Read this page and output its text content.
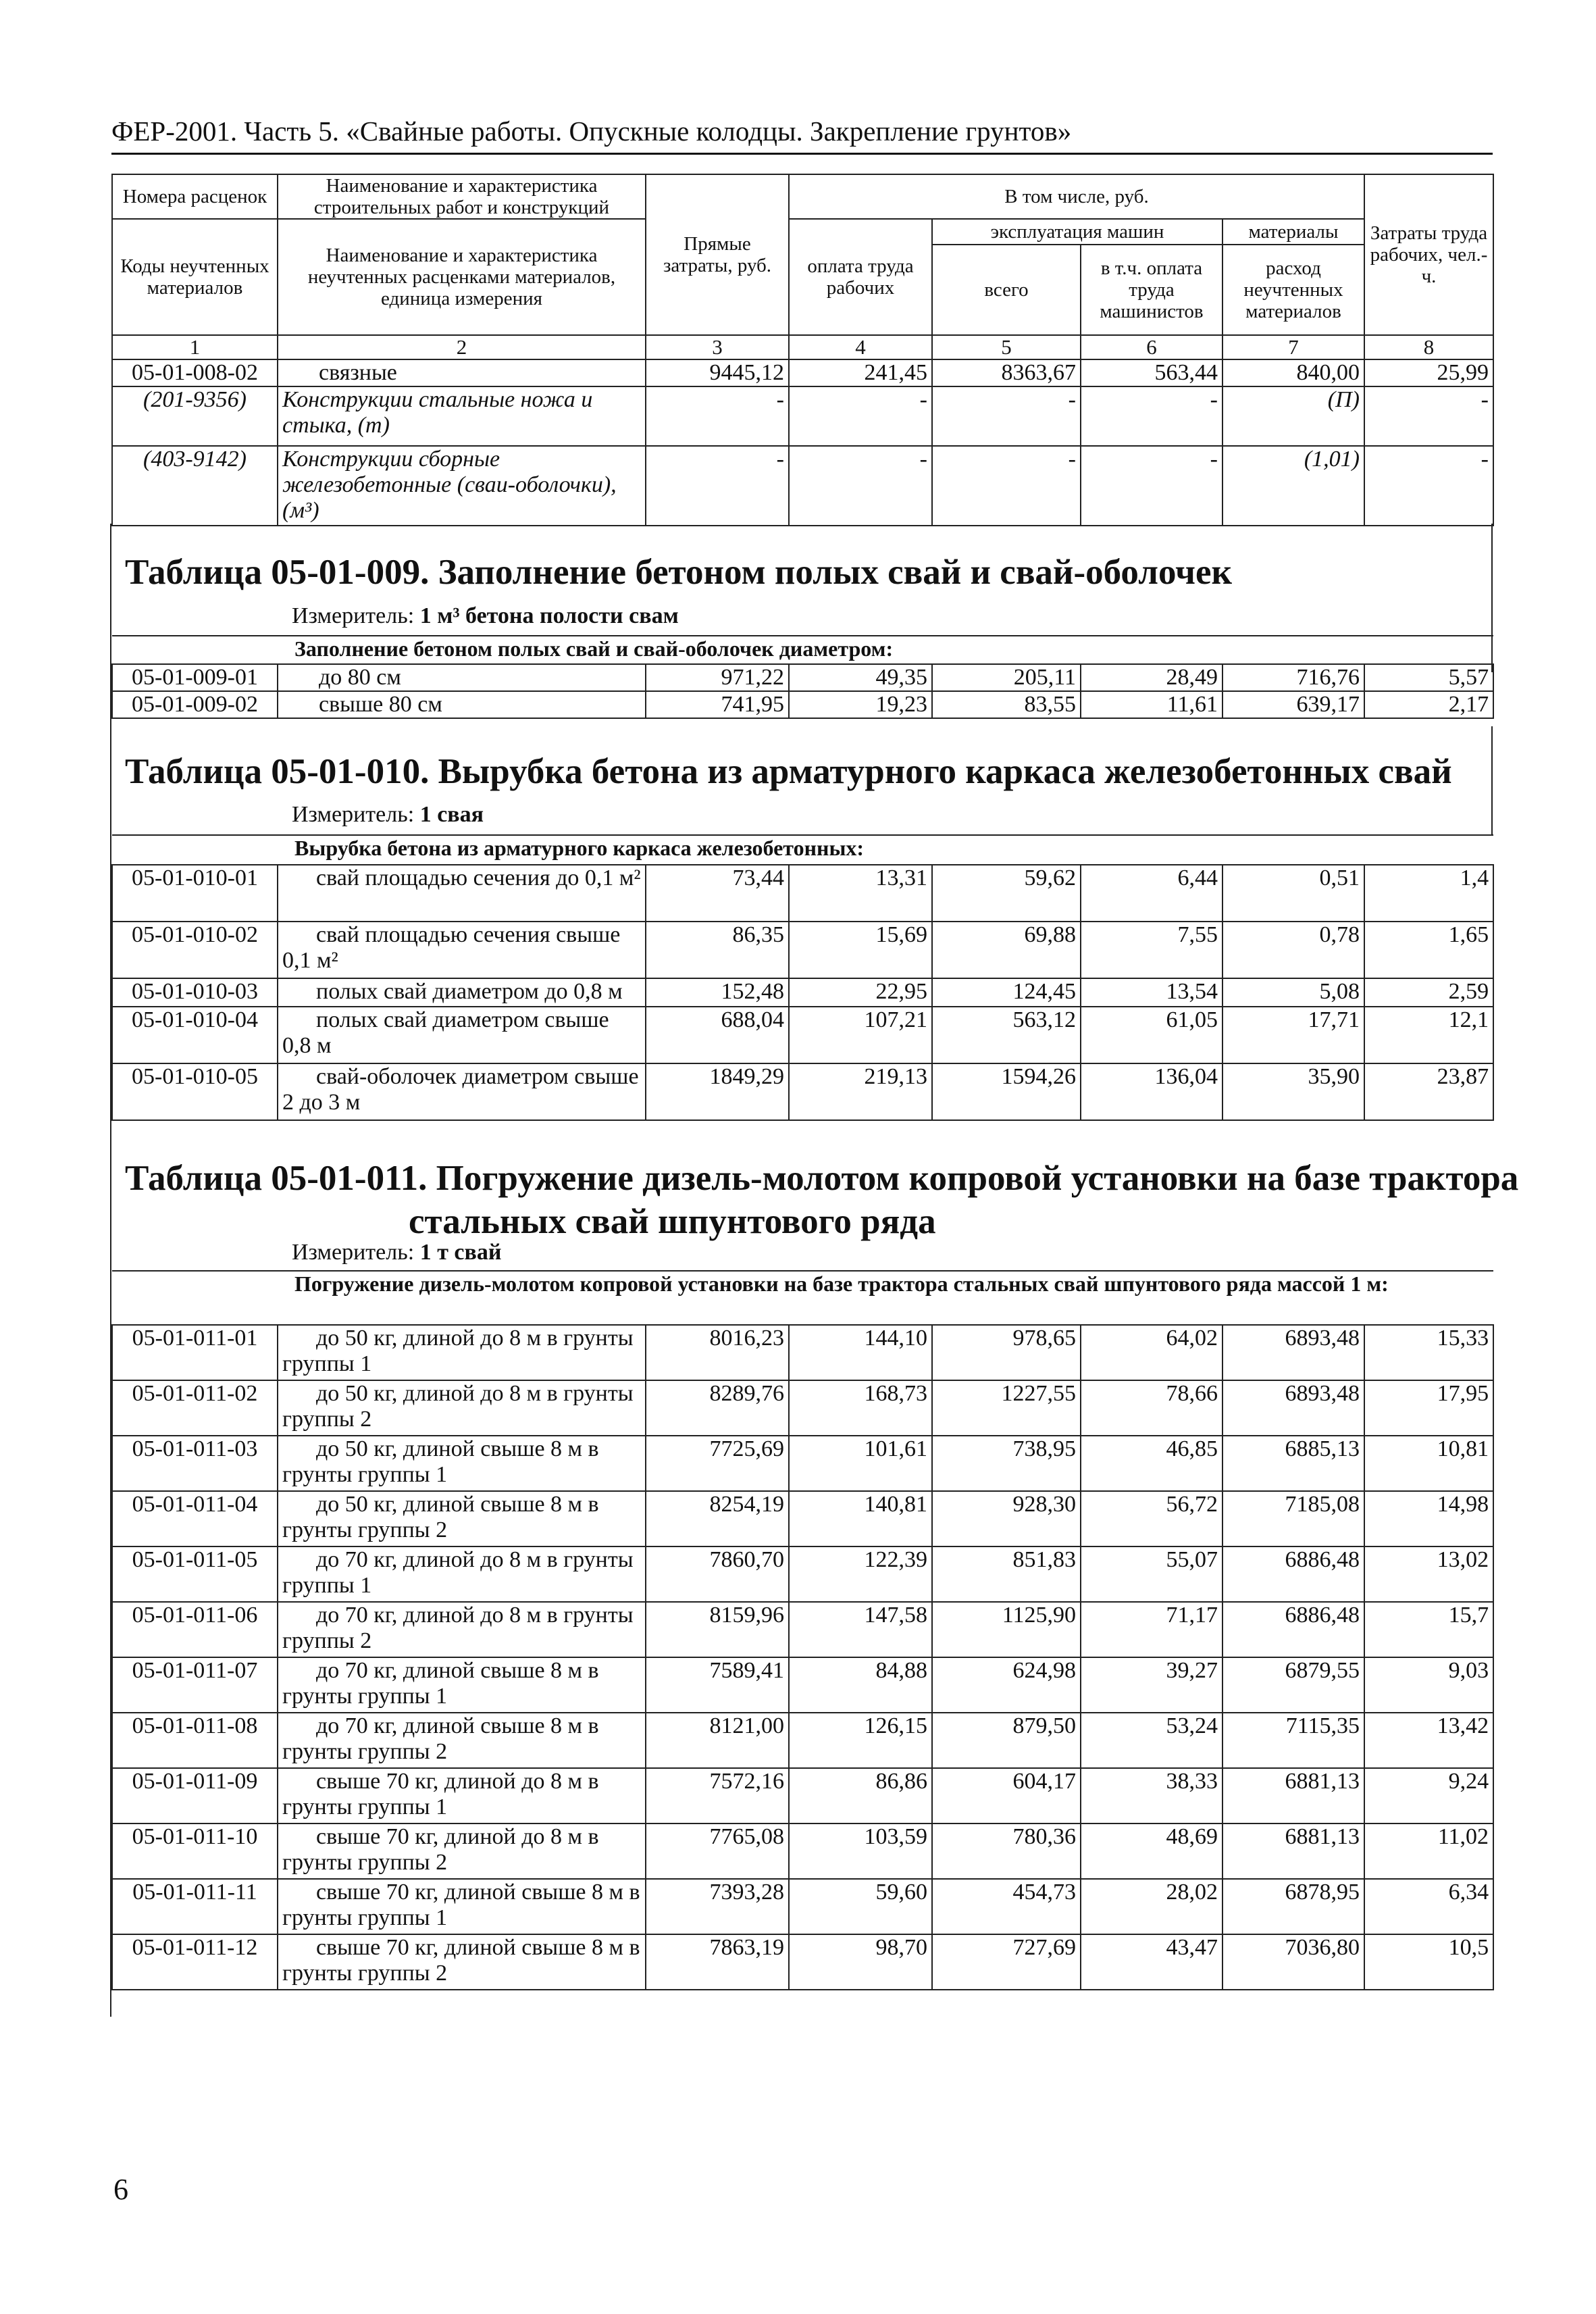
ФЕР-2001. Часть 5. «Свайные работы. Опускные колодцы. Закрепление грунтов»
Номера расценок	Наименование и характеристика строительных работ и конструкций	Прямые затраты, руб.	В том числе, руб.				Затраты труда рабочих, чел.-ч.
Коды неучтенных материалов	Наименование и характеристика неучтенных расценками материалов, единица измерения		оплата труда рабочих	эксплуатация машин		материалы	
				всего	в т.ч. оплата труда машинистов	расход неучтенных материалов	
1	2	3	4	5	6	7	8
05-01-008-02	связные	9445,12	241,45	8363,67	563,44	840,00	25,99
(201-9356)	Конструкции стальные ножа и стыка, (т)	-	-	-	-	(П)	-
(403-9142)	Конструкции сборные железобетонные (сваи-оболочки), (м³)	-	-	-	-	(1,01)	-
Таблица 05-01-009. Заполнение бетоном полых свай и свай-оболочек
Измеритель: 1 м³ бетона полости свам
Заполнение бетоном полых свай и свай-оболочек диаметром:							
05-01-009-01	до 80 см	971,22	49,35	205,11	28,49	716,76	5,57
05-01-009-02	свыше 80 см	741,95	19,23	83,55	11,61	639,17	2,17
Таблица 05-01-010. Вырубка бетона из арматурного каркаса железобетонных свай
Измеритель: 1 свая
Вырубка бетона из арматурного каркаса железобетонных:							
05-01-010-01	свай площадью сечения до 0,1 м²	73,44	13,31	59,62	6,44	0,51	1,4
05-01-010-02	свай площадью сечения свыше 0,1 м²	86,35	15,69	69,88	7,55	0,78	1,65
05-01-010-03	полых свай диаметром до 0,8 м	152,48	22,95	124,45	13,54	5,08	2,59
05-01-010-04	полых свай диаметром свыше 0,8 м	688,04	107,21	563,12	61,05	17,71	12,1
05-01-010-05	свай-оболочек диаметром свыше 2 до 3 м	1849,29	219,13	1594,26	136,04	35,90	23,87
Таблица 05-01-011. Погружение дизель-молотом копровой установки на базе трактора
стальных свай шпунтового ряда
Измеритель: 1 т свай
Погружение дизель-молотом копровой установки на базе трактора стальных свай шпунтового ряда массой 1 м:							
05-01-011-01	до 50 кг, длиной до 8 м в грунты группы 1	8016,23	144,10	978,65	64,02	6893,48	15,33
05-01-011-02	до 50 кг, длиной до 8 м в грунты группы 2	8289,76	168,73	1227,55	78,66	6893,48	17,95
05-01-011-03	до 50 кг, длиной свыше 8 м в грунты группы 1	7725,69	101,61	738,95	46,85	6885,13	10,81
05-01-011-04	до 50 кг, длиной свыше 8 м в грунты группы 2	8254,19	140,81	928,30	56,72	7185,08	14,98
05-01-011-05	до 70 кг, длиной до 8 м в грунты группы 1	7860,70	122,39	851,83	55,07	6886,48	13,02
05-01-011-06	до 70 кг, длиной до 8 м в грунты группы 2	8159,96	147,58	1125,90	71,17	6886,48	15,7
05-01-011-07	до 70 кг, длиной свыше 8 м в грунты группы 1	7589,41	84,88	624,98	39,27	6879,55	9,03
05-01-011-08	до 70 кг, длиной свыше 8 м в грунты группы 2	8121,00	126,15	879,50	53,24	7115,35	13,42
05-01-011-09	свыше 70 кг, длиной до 8 м в грунты группы 1	7572,16	86,86	604,17	38,33	6881,13	9,24
05-01-011-10	свыше 70 кг, длиной до 8 м в грунты группы 2	7765,08	103,59	780,36	48,69	6881,13	11,02
05-01-011-11	свыше 70 кг, длиной свыше 8 м в грунты группы 1	7393,28	59,60	454,73	28,02	6878,95	6,34
05-01-011-12	свыше 70 кг, длиной свыше 8 м в грунты группы 2	7863,19	98,70	727,69	43,47	7036,80	10,5
6
